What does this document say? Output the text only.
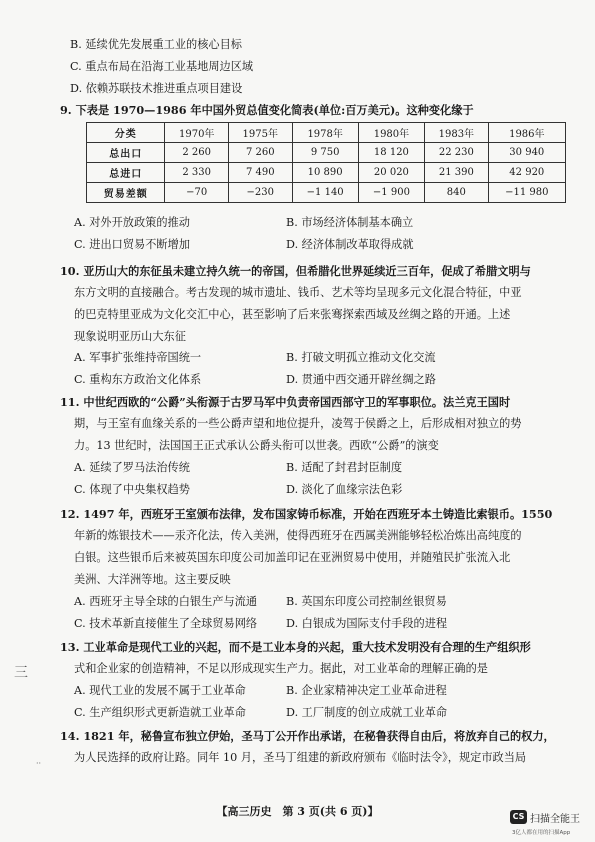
B. 延续优先发展重工业的核心目标
C. 重点布局在沿海工业基地周边区域
D. 依赖苏联技术推进重点项目建设
9. 下表是 1970—1986 年中国外贸总值变化简表(单位:百万美元)。这种变化缘于
分类	1970年	1975年	1978年	1980年	1983年	1986年
总出口	2 260	7 260	9 750	18 120	22 230	30 940
总进口	2 330	7 490	10 890	20 020	21 390	42 920
贸易差额	−70	−230	−1 140	−1 900	840	−11 980
A. 对外开放政策的推动	B. 市场经济体制基本确立
C. 进出口贸易不断增加	D. 经济体制改革取得成就
10. 亚历山大的东征虽未建立持久统一的帝国，但希腊化世界延续近三百年，促成了希腊文明与
东方文明的直接融合。考古发现的城市遗址、钱币、艺术等均呈现多元文化混合特征，中亚
的巴克特里亚成为文化交汇中心，甚至影响了后来张骞探索西域及丝绸之路的开通。上述
现象说明亚历山大东征
A. 军事扩张维持帝国统一	B. 打破文明孤立推动文化交流
C. 重构东方政治文化体系	D. 贯通中西交通开辟丝绸之路
11. 中世纪西欧的“公爵”头衔源于古罗马军中负责帝国西部守卫的军事职位。法兰克王国时
期，与王室有血缘关系的一些公爵声望和地位提升，凌驾于侯爵之上，后形成相对独立的势
力。13 世纪时，法国国王正式承认公爵头衔可以世袭。西欧“公爵”的演变
A. 延续了罗马法治传统	B. 适配了封君封臣制度
C. 体现了中央集权趋势	D. 淡化了血缘宗法色彩
12. 1497 年，西班牙王室颁布法律，发布国家铸币标准，开始在西班牙本土铸造比索银币。1550
年新的炼银技术——汞齐化法，传入美洲，使得西班牙在西属美洲能够轻松冶炼出高纯度的
白银。这些银币后来被英国东印度公司加盖印记在亚洲贸易中使用，并随殖民扩张流入北
美洲、大洋洲等地。这主要反映
A. 西班牙主导全球的白银生产与流通	B. 英国东印度公司控制丝银贸易
C. 技术革新直接催生了全球贸易网络	D. 白银成为国际支付手段的进程
13. 工业革命是现代工业的兴起，而不是工业本身的兴起，重大技术发明没有合理的生产组织形
式和企业家的创造精神，不足以形成现实生产力。据此，对工业革命的理解正确的是
A. 现代工业的发展不属于工业革命	B. 企业家精神决定工业革命进程
C. 生产组织形式更新造就工业革命	D. 工厂制度的创立成就工业革命
14. 1821 年，秘鲁宣布独立伊始，圣马丁公开作出承诺，在秘鲁获得自由后，将放弃自己的权力，
为人民选择的政府让路。同年 10 月，圣马丁组建的新政府颁布《临时法令》，规定市政当局
三
··
【高三历史　第 3 页(共 6 页)】	CS 扫描全能王
3亿人都在用的扫描App
